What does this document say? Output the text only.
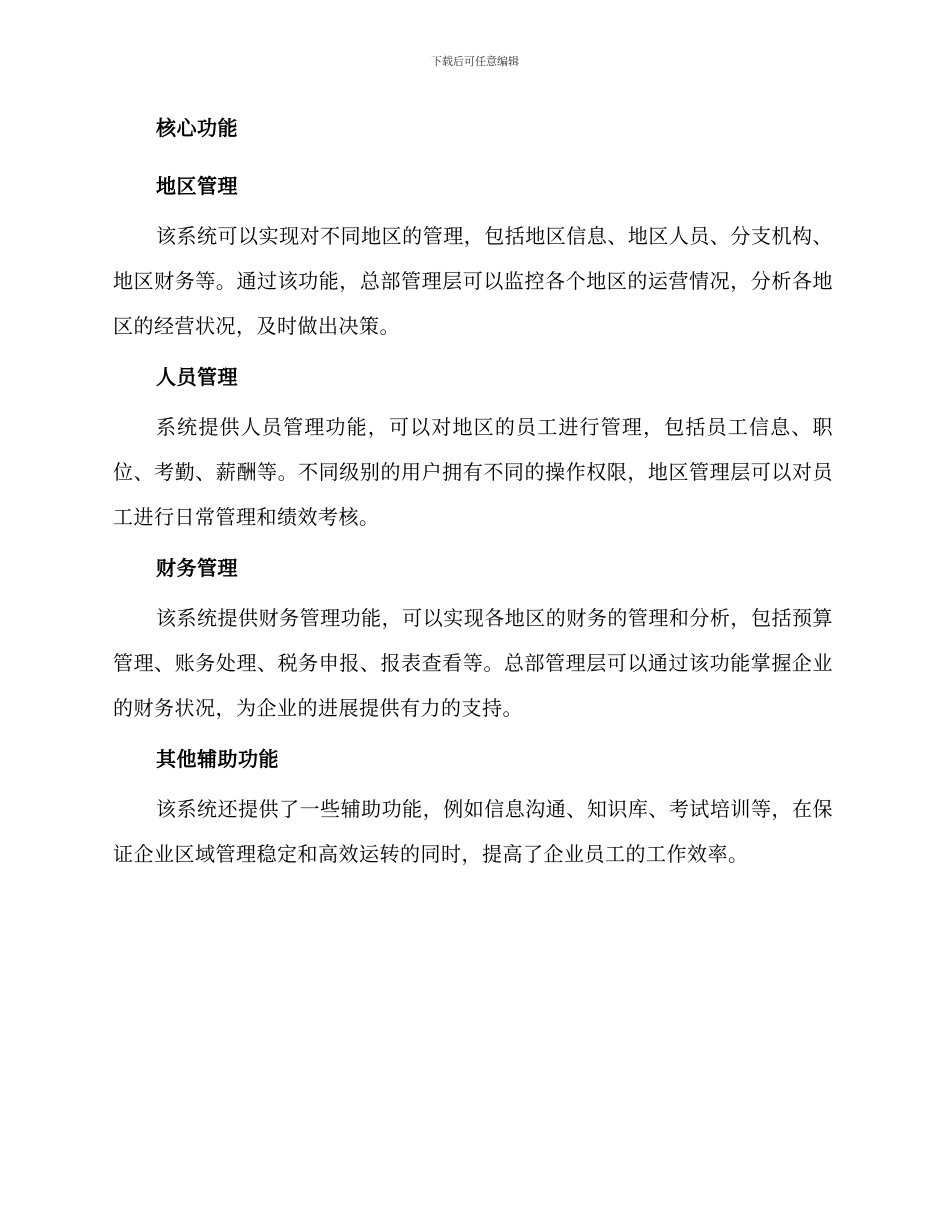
下载后可任意编辑
核心功能
地区管理

该系统可以实现对不同地区的管理，包括地区信息、地区人员、分支机构、地区财务等。通过该功能，总部管理层可以监控各个地区的运营情况，分析各地区的经营状况，及时做出决策。

人员管理

系统提供人员管理功能，可以对地区的员工进行管理，包括员工信息、职位、考勤、薪酬等。不同级别的用户拥有不同的操作权限，地区管理层可以对员工进行日常管理和绩效考核。

财务管理

该系统提供财务管理功能，可以实现各地区的财务的管理和分析，包括预算管理、账务处理、税务申报、报表查看等。总部管理层可以通过该功能掌握企业的财务状况，为企业的进展提供有力的支持。

其他辅助功能

该系统还提供了一些辅助功能，例如信息沟通、知识库、考试培训等，在保证企业区域管理稳定和高效运转的同时，提高了企业员工的工作效率。
